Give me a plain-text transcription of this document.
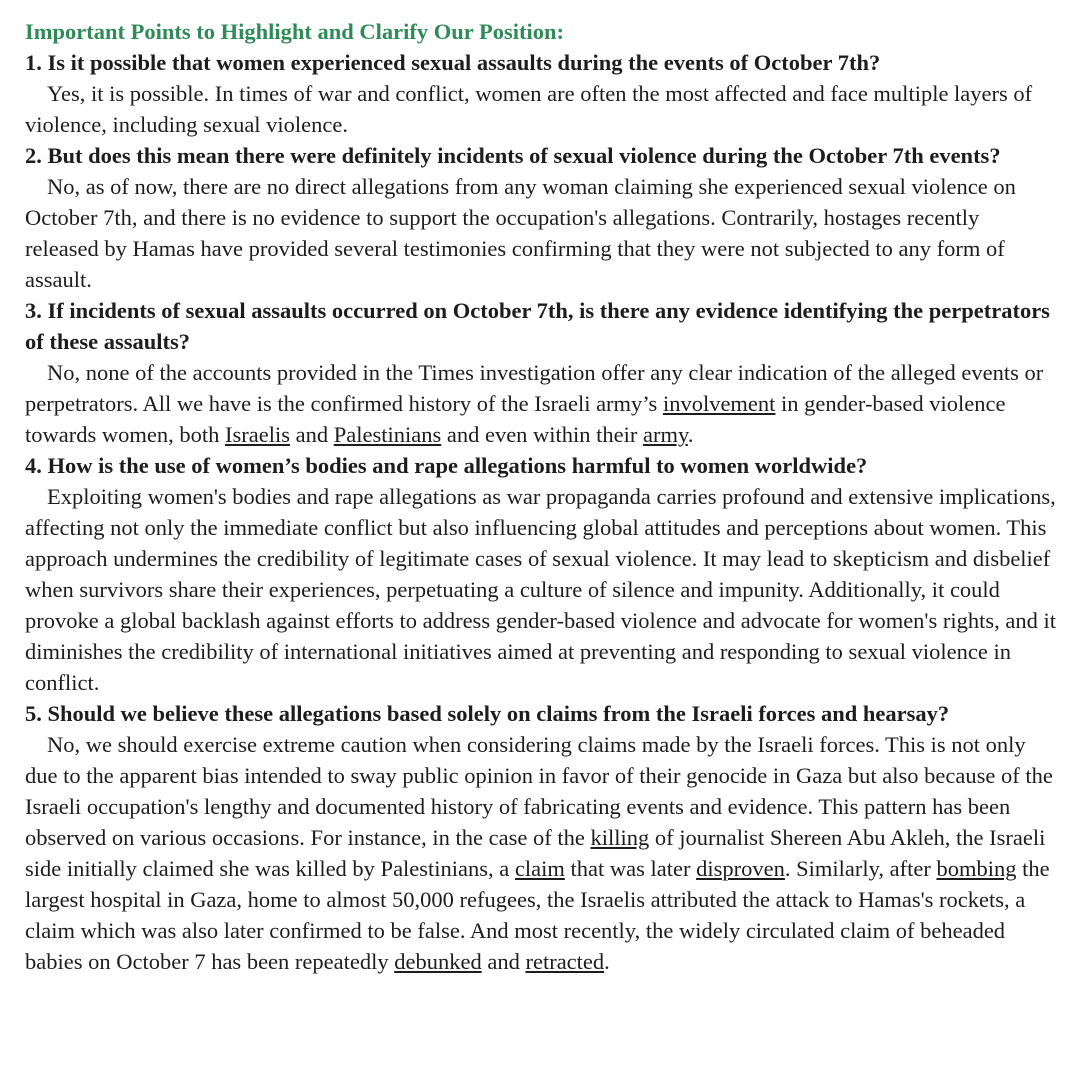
Important Points to Highlight and Clarify Our Position:

1. Is it possible that women experienced sexual assaults during the events of October 7th?

Yes, it is possible. In times of war and conflict, women are often the most affected and face multiple layers of violence, including sexual violence.

2. But does this mean there were definitely incidents of sexual violence during the October 7th events?

No, as of now, there are no direct allegations from any woman claiming she experienced sexual violence on October 7th, and there is no evidence to support the occupation's allegations. Contrarily, hostages recently released by Hamas have provided several testimonies confirming that they were not subjected to any form of assault.

3. If incidents of sexual assaults occurred on October 7th, is there any evidence identifying the perpetrators of these assaults?

No, none of the accounts provided in the Times investigation offer any clear indication of the alleged events or perpetrators. All we have is the confirmed history of the Israeli army’s involvement in gender-based violence towards women, both Israelis and Palestinians and even within their army.

4. How is the use of women’s bodies and rape allegations harmful to women worldwide?

Exploiting women's bodies and rape allegations as war propaganda carries profound and extensive implications, affecting not only the immediate conflict but also influencing global attitudes and perceptions about women. This approach undermines the credibility of legitimate cases of sexual violence. It may lead to skepticism and disbelief when survivors share their experiences, perpetuating a culture of silence and impunity. Additionally, it could provoke a global backlash against efforts to address gender-based violence and advocate for women's rights, and it diminishes the credibility of international initiatives aimed at preventing and responding to sexual violence in conflict.

5. Should we believe these allegations based solely on claims from the Israeli forces and hearsay?

No, we should exercise extreme caution when considering claims made by the Israeli forces. This is not only due to the apparent bias intended to sway public opinion in favor of their genocide in Gaza but also because of the Israeli occupation's lengthy and documented history of fabricating events and evidence. This pattern has been observed on various occasions. For instance, in the case of the killing of journalist Shereen Abu Akleh, the Israeli side initially claimed she was killed by Palestinians, a claim that was later disproven. Similarly, after bombing the largest hospital in Gaza, home to almost 50,000 refugees, the Israelis attributed the attack to Hamas's rockets, a claim which was also later confirmed to be false. And most recently, the widely circulated claim of beheaded babies on October 7 has been repeatedly debunked and retracted.
